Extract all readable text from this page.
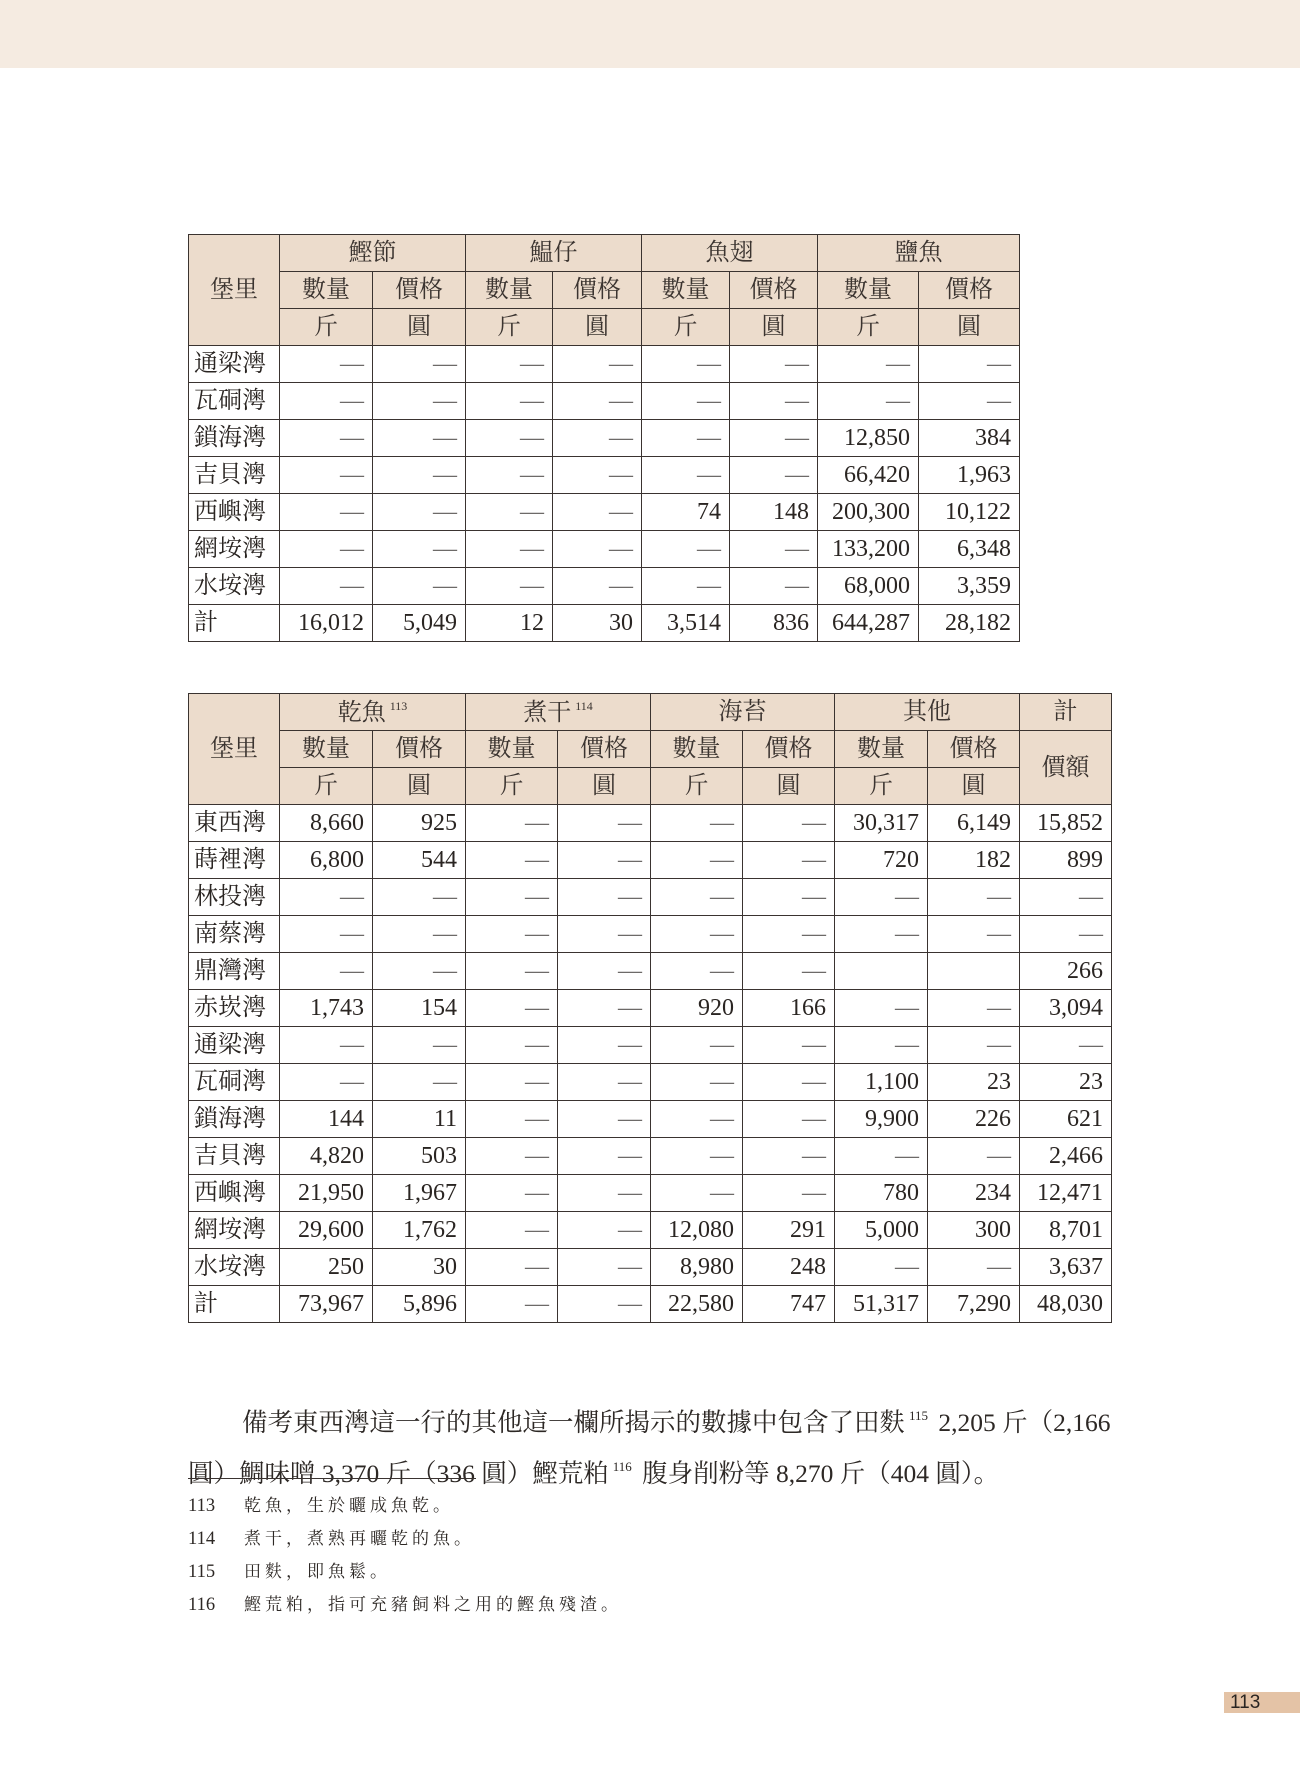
堡里	鰹節		鰛仔		魚翅		鹽魚	
	數量	價格	數量	價格	數量	價格	數量	價格
	斤	圓	斤	圓	斤	圓	斤	圓
通梁澚	—	—	—	—	—	—	—	—
瓦硐澚	—	—	—	—	—	—	—	—
鎖海澚	—	—	—	—	—	—	12,850	384
吉貝澚	—	—	—	—	—	—	66,420	1,963
西嶼澚	—	—	—	—	74	148	200,300	10,122
網垵澚	—	—	—	—	—	—	133,200	6,348
水垵澚	—	—	—	—	—	—	68,000	3,359
計	16,012	5,049	12	30	3,514	836	644,287	28,182
堡里	乾魚 $^{113}$		煮干 $^{114}$		海苔		其他		計
	數量	價格	數量	價格	數量	價格	數量	價格	價額
	斤	圓	斤	圓	斤	圓	斤	圓	
東西澚	8,660	925	—	—	—	—	30,317	6,149	15,852
蒔裡澚	6,800	544	—	—	—	—	720	182	899
林投澚	—	—	—	—	—	—	—	—	—
南蔡澚	—	—	—	—	—	—	—	—	—
鼎灣澚	—	—	—	—	—	—			266
赤崁澚	1,743	154	—	—	920	166	—	—	3,094
通梁澚	—	—	—	—	—	—	—	—	—
瓦硐澚	—	—	—	—	—	—	1,100	23	23
鎖海澚	144	11	—	—	—	—	9,900	226	621
吉貝澚	4,820	503	—	—	—	—	—	—	2,466
西嶼澚	21,950	1,967	—	—	—	—	780	234	12,471
網垵澚	29,600	1,762	—	—	12,080	291	5,000	300	8,701
水垵澚	250	30	—	—	8,980	248	—	—	3,637
計	73,967	5,896	—	—	22,580	747	51,317	7,290	48,030

備考東西澚這一行的其他這一欄所揭示的數據中包含了田麩 $^{115}$ 2,205 斤（2,166 圓）鯛味噌 3,370 斤（336 圓）鰹荒粕 $^{116}$ 腹身削粉等 8,270 斤（404 圓）。

113	乾魚，生於曬成魚乾。
114	煮干，煮熟再曬乾的魚。
115	田麩，即魚鬆。
116	鰹荒粕，指可充豬飼料之用的鰹魚殘渣。
113
